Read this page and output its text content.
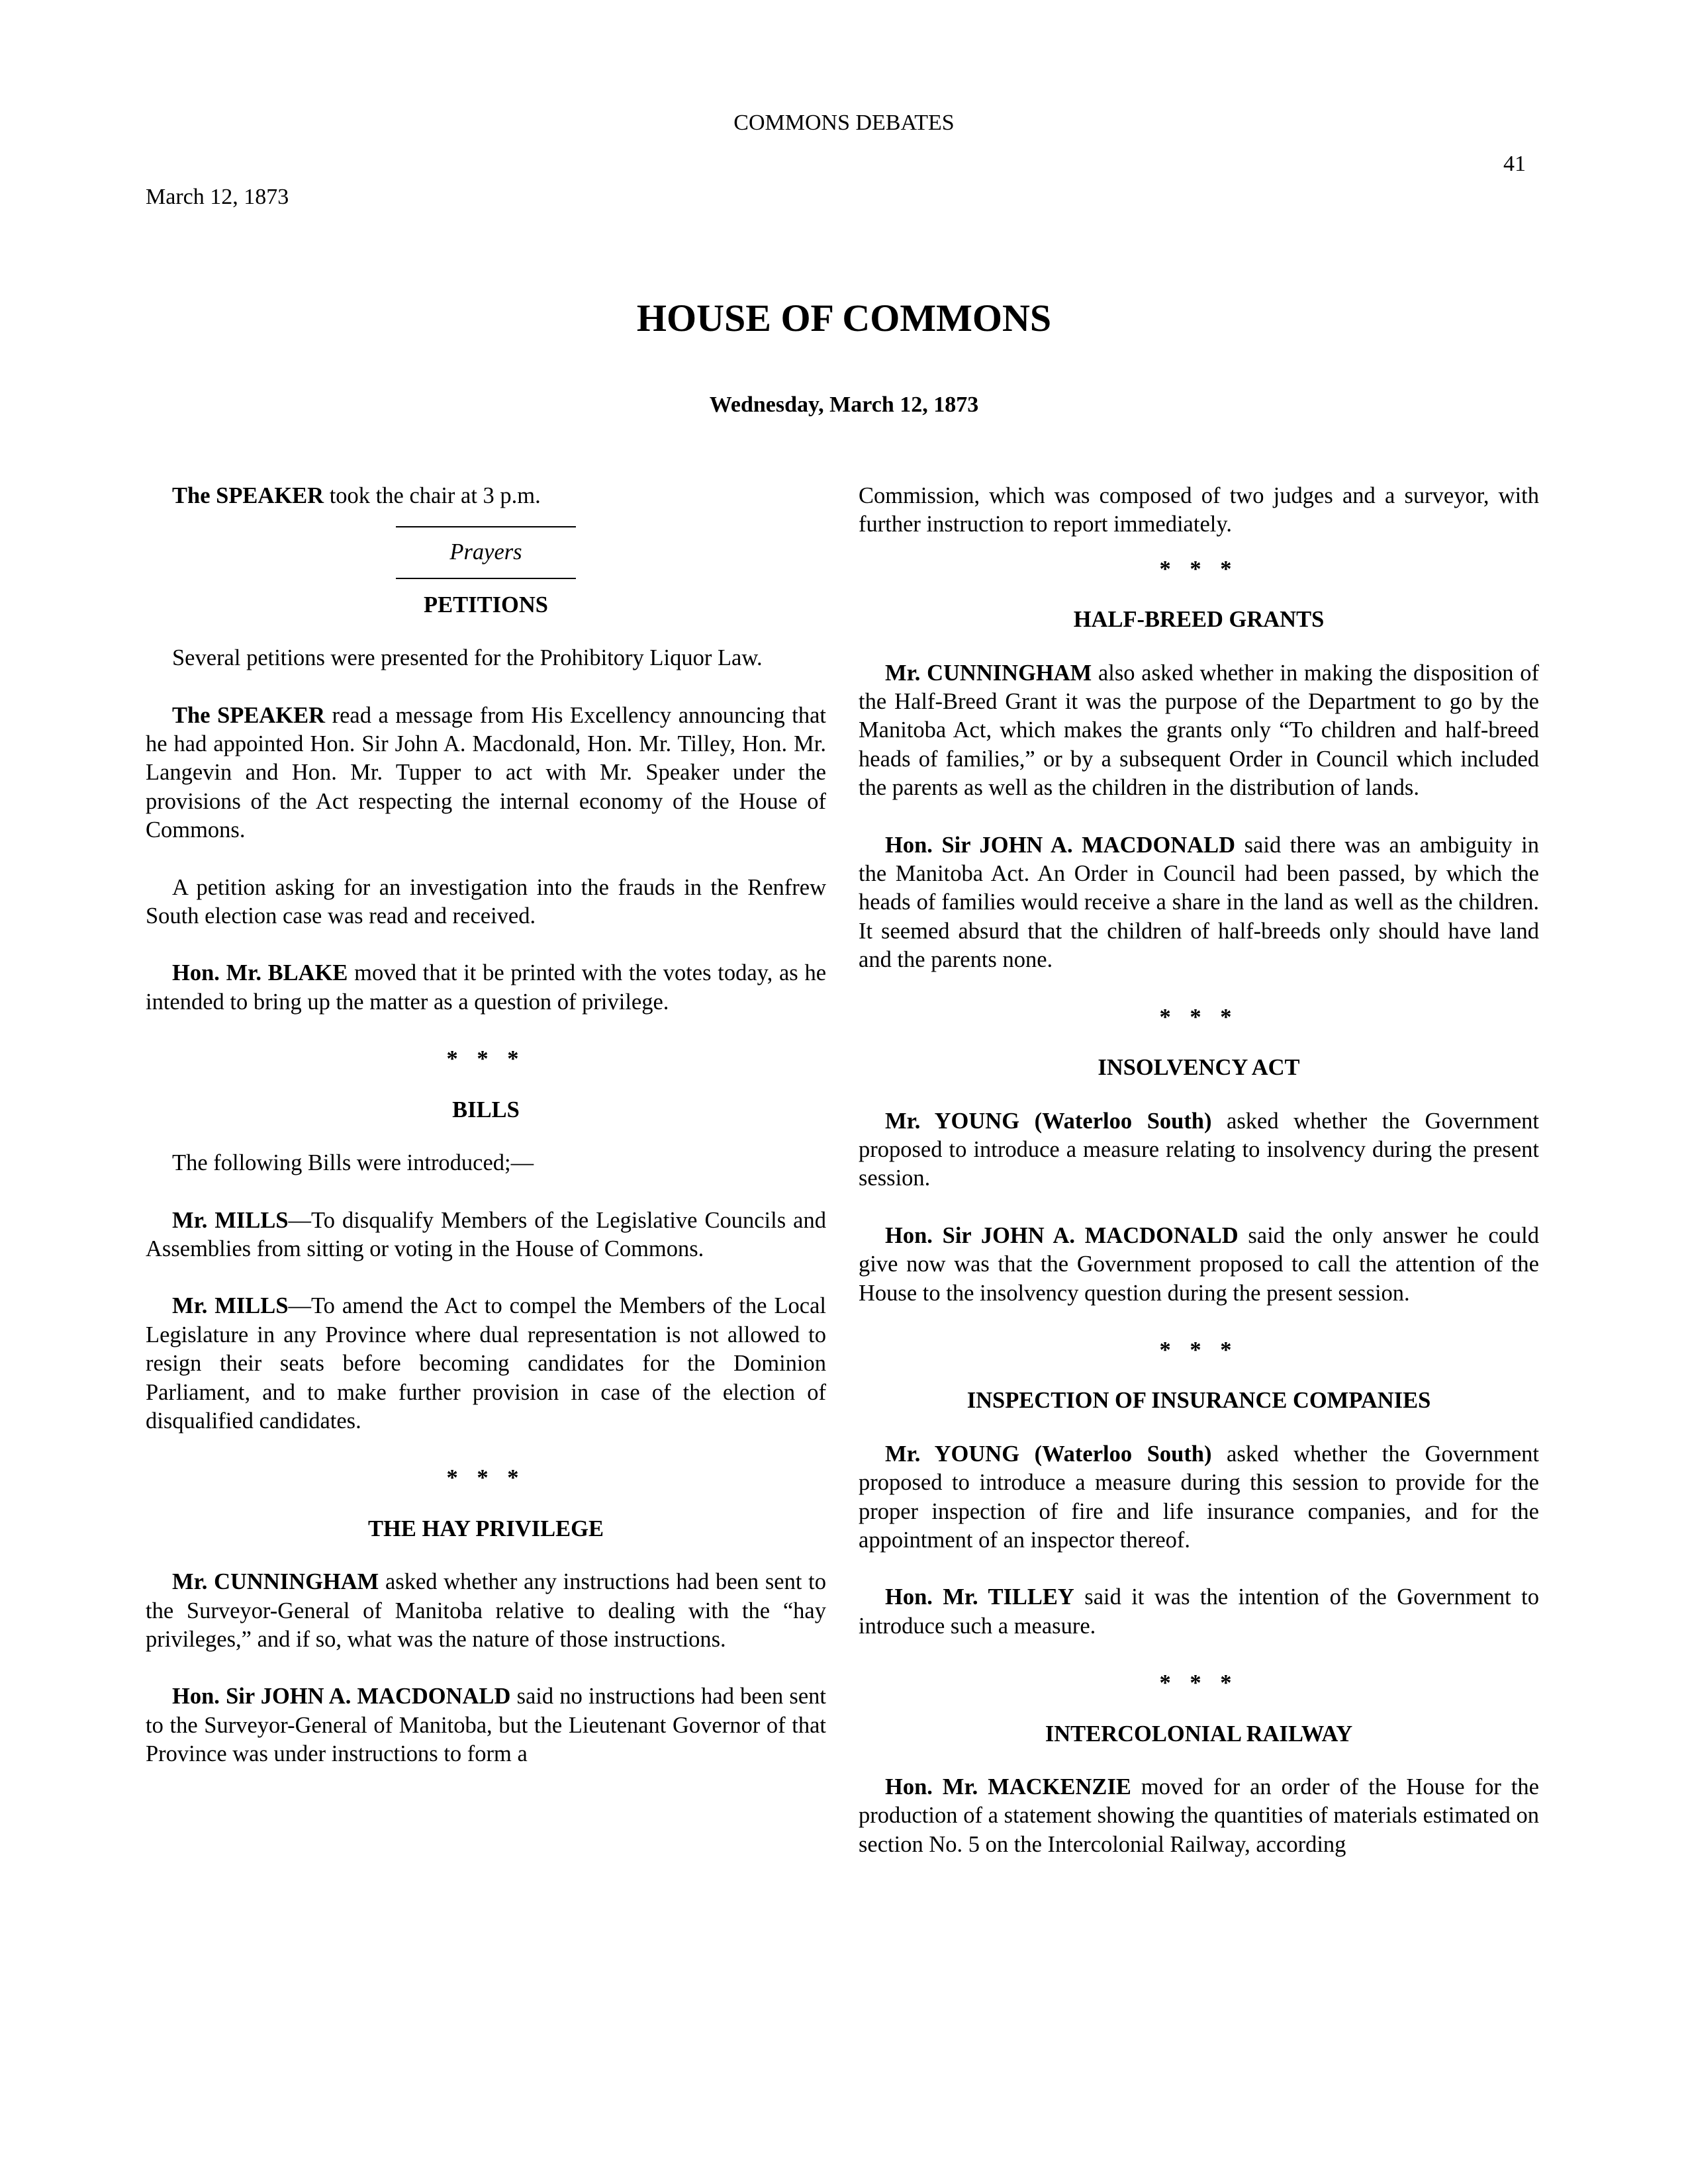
COMMONS DEBATES
41
March 12, 1873
HOUSE OF COMMONS
Wednesday, March 12, 1873

The SPEAKER took the chair at 3 p.m.

Prayers
PETITIONS

Several petitions were presented for the Prohibitory Liquor Law.

The SPEAKER read a message from His Excellency announcing that he had appointed Hon. Sir John A. Macdonald, Hon. Mr. Tilley, Hon. Mr. Langevin and Hon. Mr. Tupper to act with Mr. Speaker under the provisions of the Act respecting the internal economy of the House of Commons.

A petition asking for an investigation into the frauds in the Renfrew South election case was read and received.

Hon. Mr. BLAKE moved that it be printed with the votes today, as he intended to bring up the matter as a question of privilege.

* * *
BILLS

The following Bills were introduced;—

Mr. MILLS—To disqualify Members of the Legislative Councils and Assemblies from sitting or voting in the House of Commons.

Mr. MILLS—To amend the Act to compel the Members of the Local Legislature in any Province where dual representation is not allowed to resign their seats before becoming candidates for the Dominion Parliament, and to make further provision in case of the election of disqualified candidates.

* * *
THE HAY PRIVILEGE

Mr. CUNNINGHAM asked whether any instructions had been sent to the Surveyor-General of Manitoba relative to dealing with the “hay privileges,” and if so, what was the nature of those instructions.

Hon. Sir JOHN A. MACDONALD said no instructions had been sent to the Surveyor-General of Manitoba, but the Lieutenant Governor of that Province was under instructions to form a

Commission, which was composed of two judges and a surveyor, with further instruction to report immediately.

* * *
HALF-BREED GRANTS

Mr. CUNNINGHAM also asked whether in making the disposition of the Half-Breed Grant it was the purpose of the Department to go by the Manitoba Act, which makes the grants only “To children and half-breed heads of families,” or by a subsequent Order in Council which included the parents as well as the children in the distribution of lands.

Hon. Sir JOHN A. MACDONALD said there was an ambiguity in the Manitoba Act. An Order in Council had been passed, by which the heads of families would receive a share in the land as well as the children. It seemed absurd that the children of half-breeds only should have land and the parents none.

* * *
INSOLVENCY ACT

Mr. YOUNG (Waterloo South) asked whether the Government proposed to introduce a measure relating to insolvency during the present session.

Hon. Sir JOHN A. MACDONALD said the only answer he could give now was that the Government proposed to call the attention of the House to the insolvency question during the present session.

* * *
INSPECTION OF INSURANCE COMPANIES

Mr. YOUNG (Waterloo South) asked whether the Government proposed to introduce a measure during this session to provide for the proper inspection of fire and life insurance companies, and for the appointment of an inspector thereof.

Hon. Mr. TILLEY said it was the intention of the Government to introduce such a measure.

* * *
INTERCOLONIAL RAILWAY

Hon. Mr. MACKENZIE moved for an order of the House for the production of a statement showing the quantities of materials estimated on section No. 5 on the Intercolonial Railway, according
